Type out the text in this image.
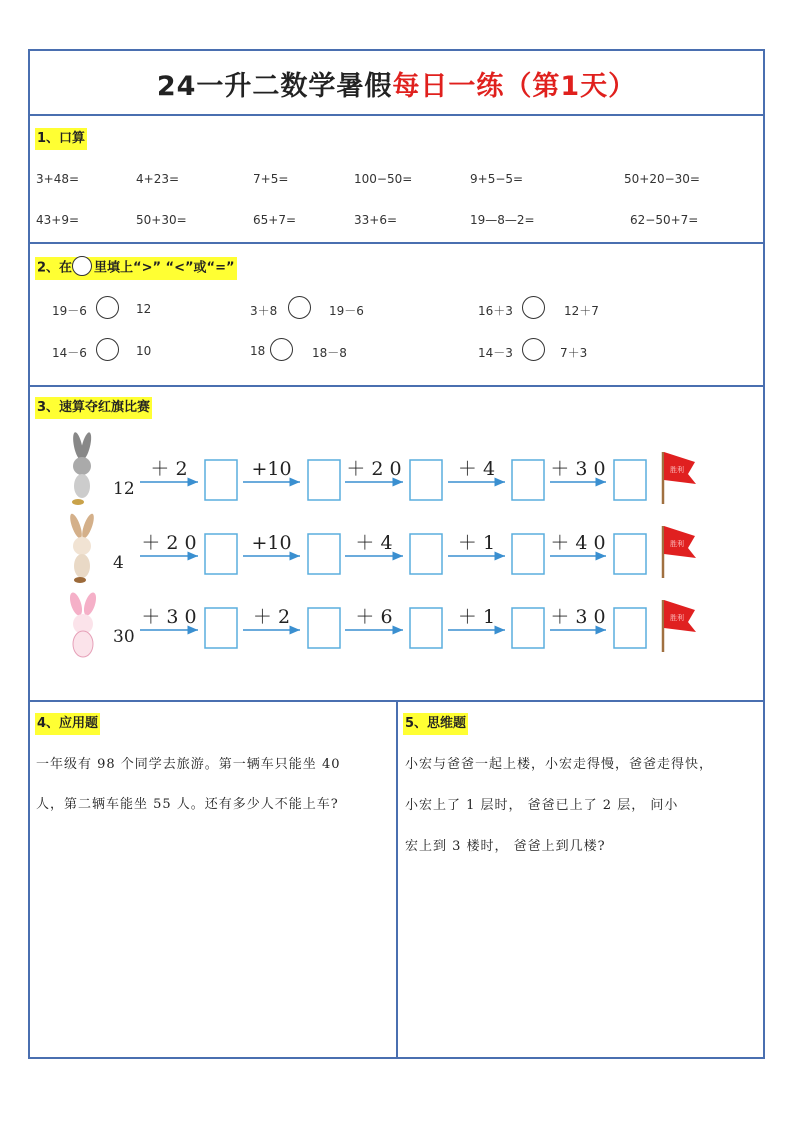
24一升二数学暑假 每日一练（第1天）
1、口算
3+48=	4+23=	7+5=	100−50=	9+5−5=	50+20−30=
43+9=	50+30=	65+7=	33+6=	19—8—2=	62−50+7=
2、在 里填上“>” “<”或“=”
19－6	12	3＋8	19－6	16＋3	12＋7
14－6	10	18	18－8	14－3	7＋3
3、速算夺红旗比赛
12
＋ 2	+10	＋ 2 0	＋ 4	＋ 3 0	胜利
4
＋ 2 0	+10	＋ 4	＋ 1	＋ 4 0	胜利
30
＋ 3 0	＋ 2	＋ 6	＋ 1	＋ 3 0	胜利
4、应用题
一年级有 98 个同学去旅游。第一辆车只能坐 40
人，第二辆车能坐 55 人。还有多少人不能上车?
5、思维题
小宏与爸爸一起上楼，小宏走得慢，爸爸走得快，
小宏上了 1 层时， 爸爸已上了 2 层， 问小
宏上到 3 楼时， 爸爸上到几楼?
